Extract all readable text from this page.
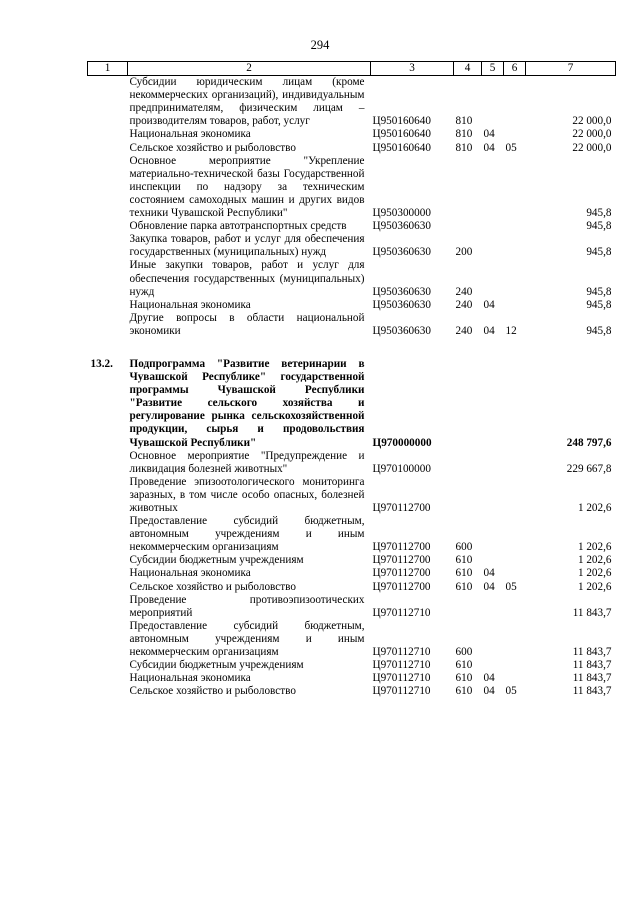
294
1	2	3	4	5	6	7
	Субсидии юридическим лицам (кроме некоммерческих организаций), индивидуальным предпринимателям, физическим лицам – производителям товаров, работ, услуг	Ц950160640	810			22 000,0
	Национальная экономика	Ц950160640	810	04		22 000,0
	Сельское хозяйство и рыболовство	Ц950160640	810	04	05	22 000,0
	Основное мероприятие "Укрепление материально-технической базы Государственной инспекции по надзору за техническим состоянием самоходных машин и других видов техники Чувашской Республики"	Ц950300000				945,8
	Обновление парка автотранспортных средств	Ц950360630				945,8
	Закупка товаров, работ и услуг для обеспечения государственных (муниципальных) нужд	Ц950360630	200			945,8
	Иные закупки товаров, работ и услуг для обеспечения государственных (муниципальных) нужд	Ц950360630	240			945,8
	Национальная экономика	Ц950360630	240	04		945,8
	Другие вопросы в области национальной экономики	Ц950360630	240	04	12	945,8

13.2.	Подпрограмма "Развитие ветеринарии в Чувашской Республике" государственной программы Чувашской Республики "Развитие сельского хозяйства и регулирование рынка сельскохозяйственной продукции, сырья и продовольствия Чувашской Республики"	Ц970000000				248 797,6
	Основное мероприятие "Предупреждение и ликвидация болезней животных"	Ц970100000				229 667,8
	Проведение эпизоотологического мониторинга заразных, в том числе особо опасных, болезней животных	Ц970112700				1 202,6
	Предоставление субсидий бюджетным, автономным учреждениям и иным некоммерческим организациям	Ц970112700	600			1 202,6
	Субсидии бюджетным учреждениям	Ц970112700	610			1 202,6
	Национальная экономика	Ц970112700	610	04		1 202,6
	Сельское хозяйство и рыболовство	Ц970112700	610	04	05	1 202,6
	Проведение противоэпизоотических мероприятий	Ц970112710				11 843,7
	Предоставление субсидий бюджетным, автономным учреждениям и иным некоммерческим организациям	Ц970112710	600			11 843,7
	Субсидии бюджетным учреждениям	Ц970112710	610			11 843,7
	Национальная экономика	Ц970112710	610	04		11 843,7
	Сельское хозяйство и рыболовство	Ц970112710	610	04	05	11 843,7
